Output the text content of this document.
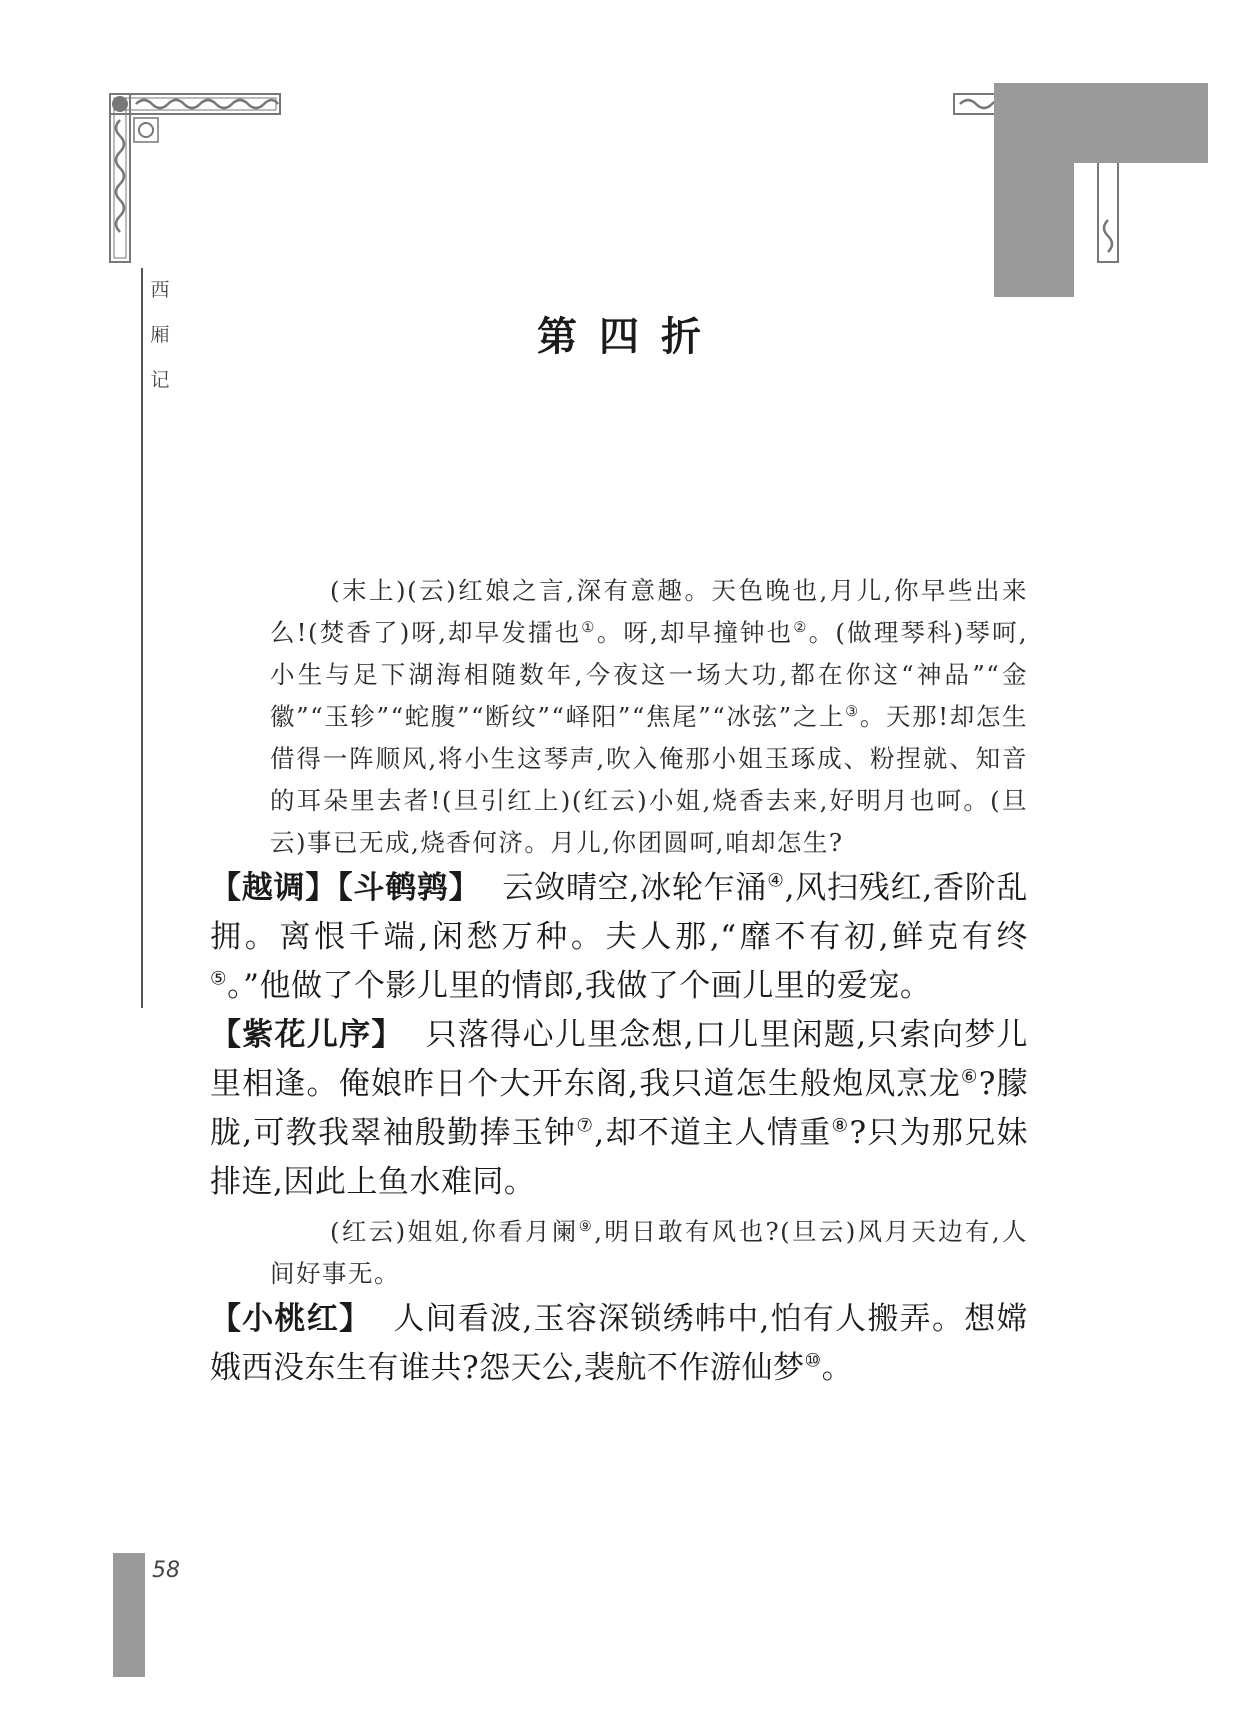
西
厢
记
第四折

(末上)(云)红娘之言,深有意趣。天色晚也,月儿,你早些出来么!(焚香了)呀,却早发擂也①。呀,却早撞钟也②。(做理琴科)琴呵,小生与足下湖海相随数年,今夜这一场大功,都在你这“神品”“金徽”“玉轸”“蛇腹”“断纹”“峄阳”“焦尾”“冰弦”之上③。天那!却怎生借得一阵顺风,将小生这琴声,吹入俺那小姐玉琢成、粉捏就、知音的耳朵里去者!(旦引红上)(红云)小姐,烧香去来,好明月也呵。(旦云)事已无成,烧香何济。月儿,你团圆呵,咱却怎生?

【越调】【斗鹌鹑】 云敛晴空,冰轮乍涌④,风扫残红,香阶乱拥。离恨千端,闲愁万种。夫人那,“靡不有初,鲜克有终⑤。”他做了个影儿里的情郎,我做了个画儿里的爱宠。

【紫花儿序】 只落得心儿里念想,口儿里闲题,只索向梦儿里相逢。俺娘昨日个大开东阁,我只道怎生般炮凤烹龙⑥?朦胧,可教我翠袖殷勤捧玉钟⑦,却不道主人情重⑧?只为那兄妹排连,因此上鱼水难同。

(红云)姐姐,你看月阑⑨,明日敢有风也?(旦云)风月天边有,人间好事无。

【小桃红】 人间看波,玉容深锁绣帏中,怕有人搬弄。想嫦娥西没东生有谁共?怨天公,裴航不作游仙梦⑩。

58
